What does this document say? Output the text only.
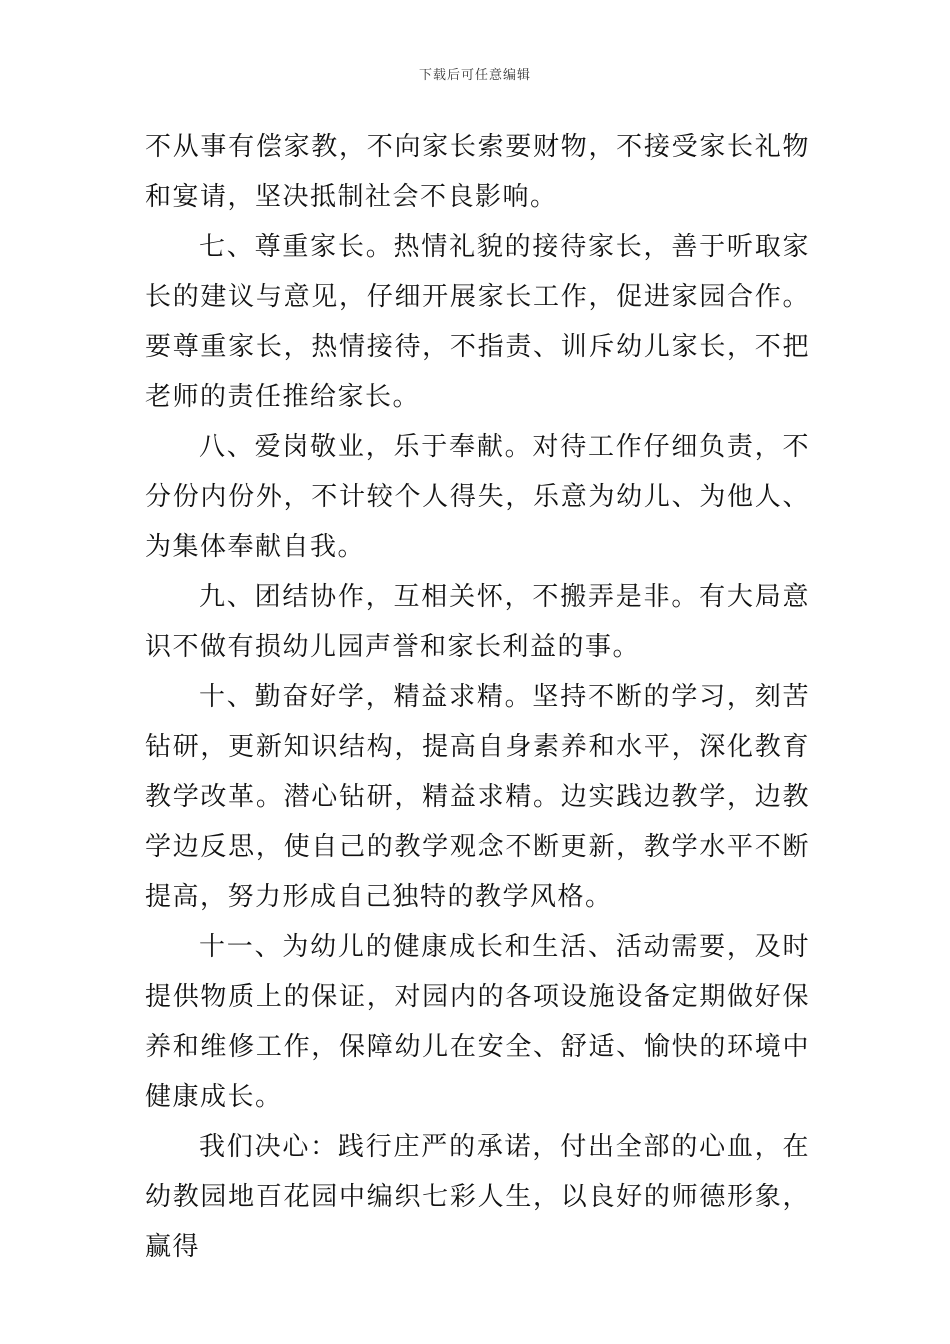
下载后可任意编辑

不从事有偿家教，不向家长索要财物，不接受家长礼物和宴请，坚决抵制社会不良影响。

七、尊重家长。热情礼貌的接待家长，善于听取家长的建议与意见，仔细开展家长工作，促进家园合作。要尊重家长，热情接待，不指责、训斥幼儿家长，不把老师的责任推给家长。

八、爱岗敬业，乐于奉献。对待工作仔细负责，不分份内份外，不计较个人得失，乐意为幼儿、为他人、为集体奉献自我。

九、团结协作，互相关怀，不搬弄是非。有大局意识不做有损幼儿园声誉和家长利益的事。

十、勤奋好学，精益求精。坚持不断的学习，刻苦钻研，更新知识结构，提高自身素养和水平，深化教育教学改革。潜心钻研，精益求精。边实践边教学，边教学边反思，使自己的教学观念不断更新，教学水平不断提高，努力形成自己独特的教学风格。

十一、为幼儿的健康成长和生活、活动需要，及时提供物质上的保证，对园内的各项设施设备定期做好保养和维修工作，保障幼儿在安全、舒适、愉快的环境中健康成长。

我们决心：践行庄严的承诺，付出全部的心血，在幼教园地百花园中编织七彩人生，以良好的师德形象，赢得
